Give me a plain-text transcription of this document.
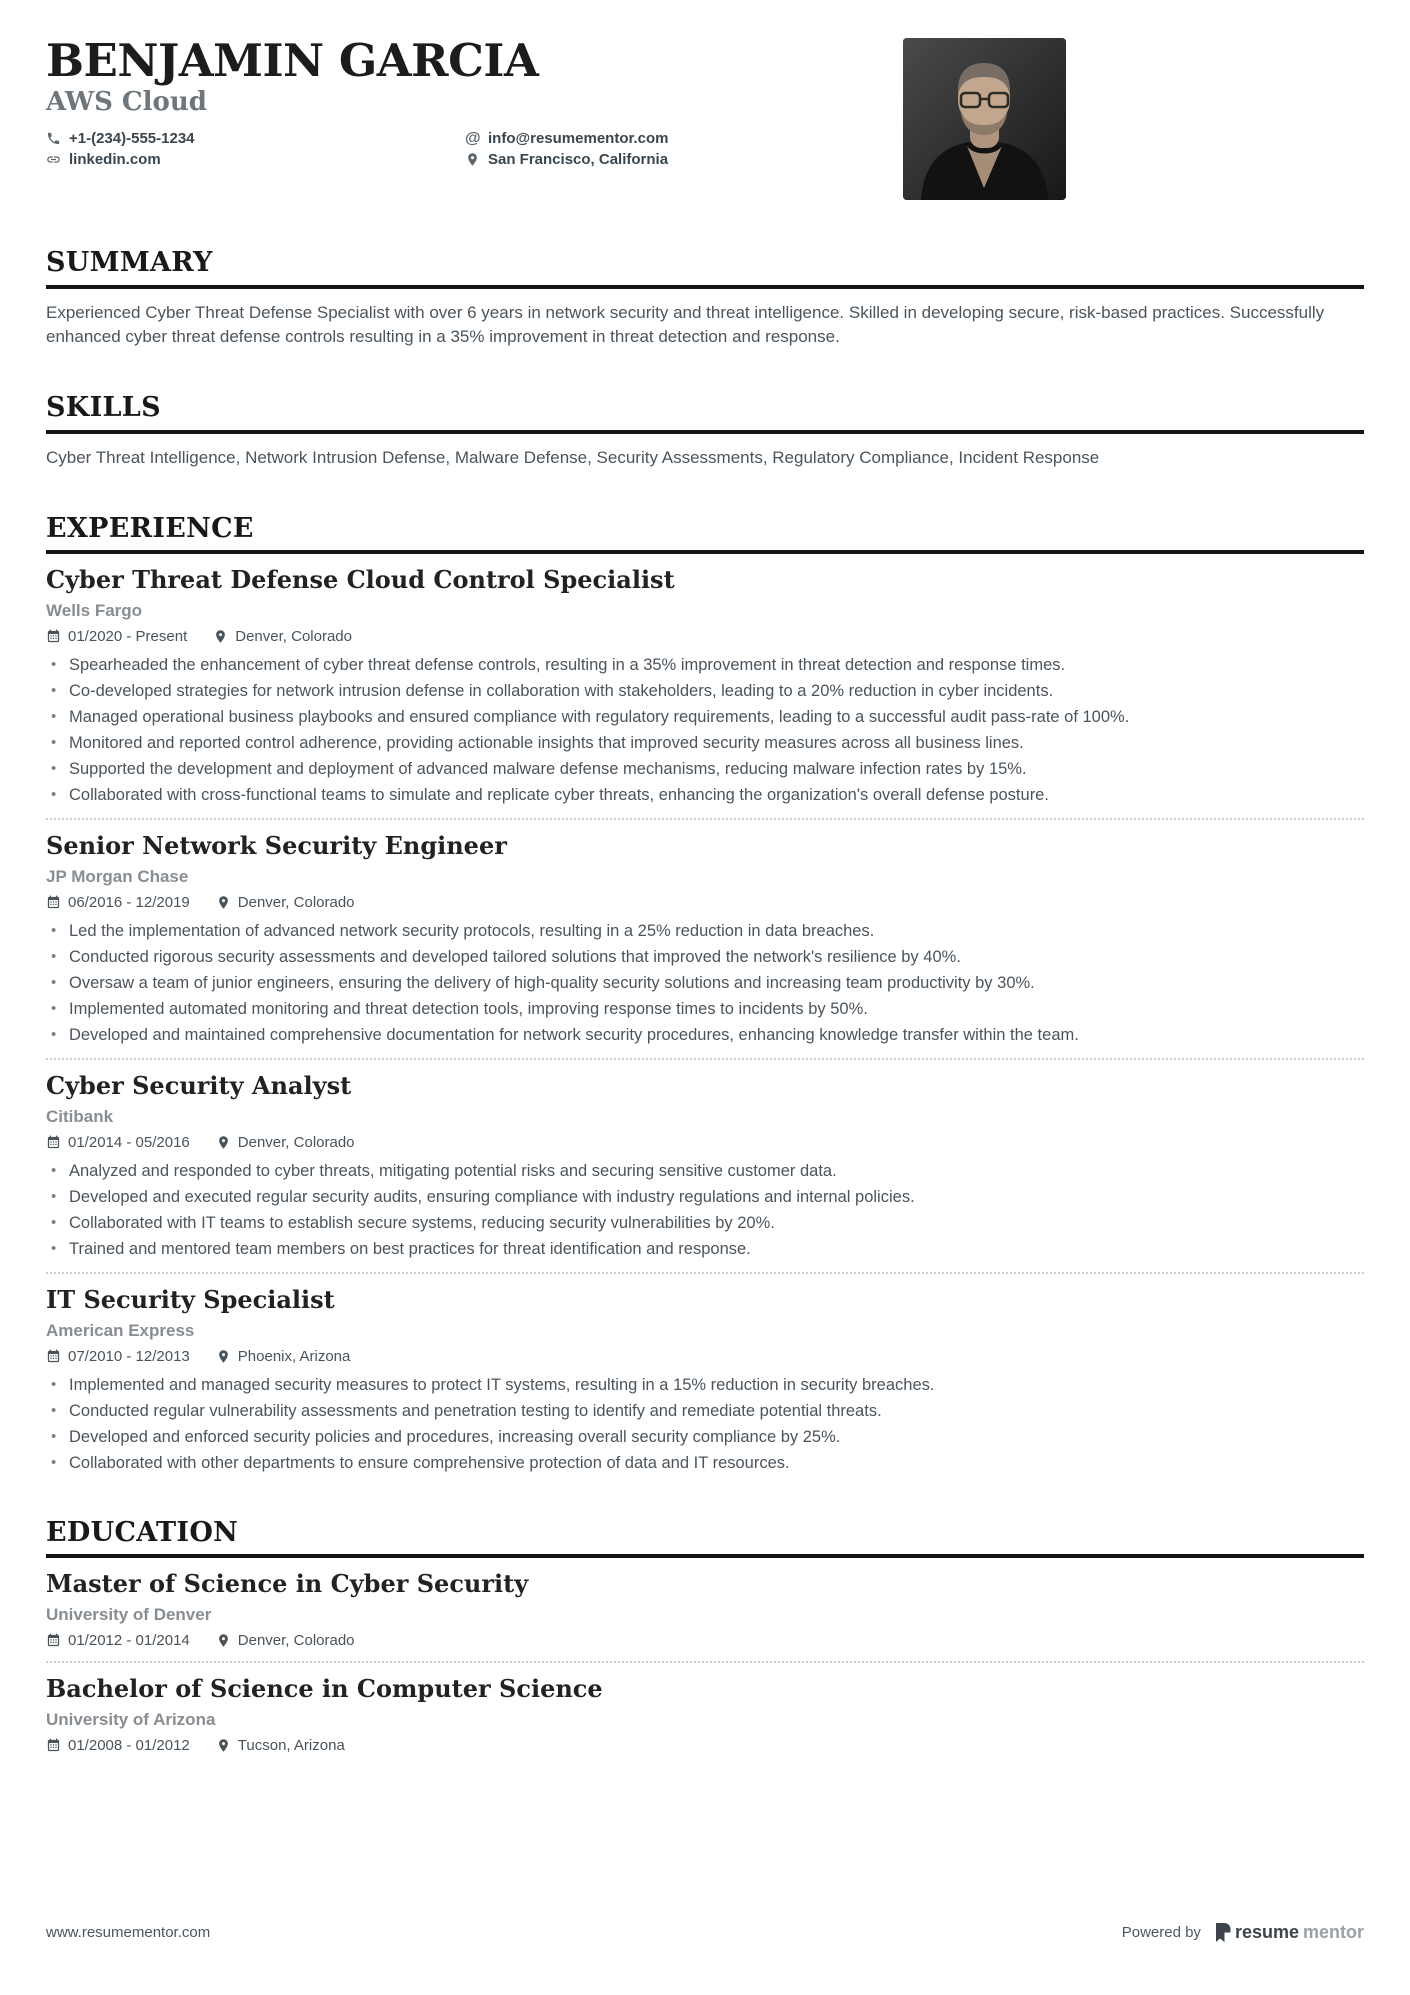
BENJAMIN GARCIA
AWS Cloud
+1-(234)-555-1234	@ info@resumementor.com
linkedin.com	San Francisco, California
SUMMARY

Experienced Cyber Threat Defense Specialist with over 6 years in network security and threat intelligence. Skilled in developing secure, risk-based practices. Successfully enhanced cyber threat defense controls resulting in a 35% improvement in threat detection and response.

SKILLS

Cyber Threat Intelligence, Network Intrusion Defense, Malware Defense, Security Assessments, Regulatory Compliance, Incident Response

EXPERIENCE
Cyber Threat Defense Cloud Control Specialist
Wells Fargo
01/2020 - Present	Denver, Colorado
• Spearheaded the enhancement of cyber threat defense controls, resulting in a 35% improvement in threat detection and response times.
• Co-developed strategies for network intrusion defense in collaboration with stakeholders, leading to a 20% reduction in cyber incidents.
• Managed operational business playbooks and ensured compliance with regulatory requirements, leading to a successful audit pass-rate of 100%.
• Monitored and reported control adherence, providing actionable insights that improved security measures across all business lines.
• Supported the development and deployment of advanced malware defense mechanisms, reducing malware infection rates by 15%.
• Collaborated with cross-functional teams to simulate and replicate cyber threats, enhancing the organization's overall defense posture.
Senior Network Security Engineer
JP Morgan Chase
06/2016 - 12/2019	Denver, Colorado
• Led the implementation of advanced network security protocols, resulting in a 25% reduction in data breaches.
• Conducted rigorous security assessments and developed tailored solutions that improved the network's resilience by 40%.
• Oversaw a team of junior engineers, ensuring the delivery of high-quality security solutions and increasing team productivity by 30%.
• Implemented automated monitoring and threat detection tools, improving response times to incidents by 50%.
• Developed and maintained comprehensive documentation for network security procedures, enhancing knowledge transfer within the team.
Cyber Security Analyst
Citibank
01/2014 - 05/2016	Denver, Colorado
• Analyzed and responded to cyber threats, mitigating potential risks and securing sensitive customer data.
• Developed and executed regular security audits, ensuring compliance with industry regulations and internal policies.
• Collaborated with IT teams to establish secure systems, reducing security vulnerabilities by 20%.
• Trained and mentored team members on best practices for threat identification and response.
IT Security Specialist
American Express
07/2010 - 12/2013	Phoenix, Arizona
• Implemented and managed security measures to protect IT systems, resulting in a 15% reduction in security breaches.
• Conducted regular vulnerability assessments and penetration testing to identify and remediate potential threats.
• Developed and enforced security policies and procedures, increasing overall security compliance by 25%.
• Collaborated with other departments to ensure comprehensive protection of data and IT resources.
EDUCATION
Master of Science in Cyber Security
University of Denver
01/2012 - 01/2014	Denver, Colorado
Bachelor of Science in Computer Science
University of Arizona
01/2008 - 01/2012	Tucson, Arizona
www.resumementor.com	Powered by resume mentor
